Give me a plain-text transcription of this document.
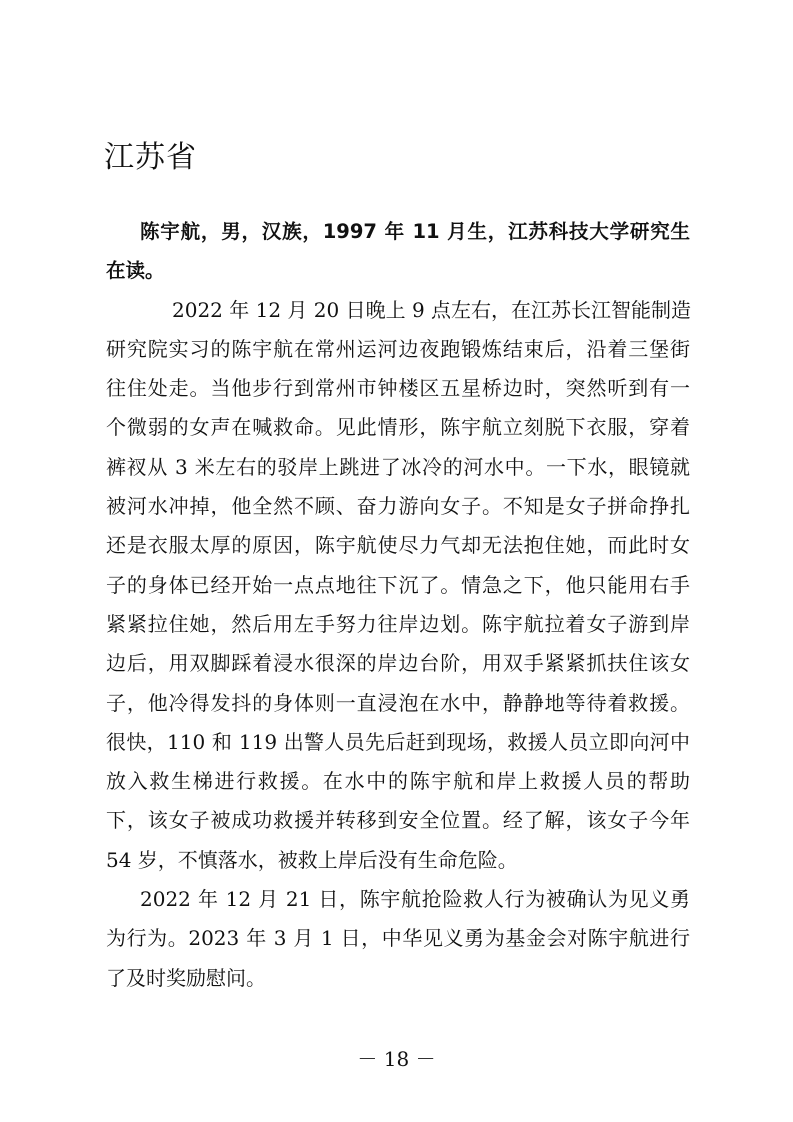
江苏省
陈宇航，男，汉族，1997 年 11 月生，江苏科技大学研究生
在读。
2022 年 12 月 20 日晚上 9 点左右，在江苏长江智能制造
研究院实习的陈宇航在常州运河边夜跑锻炼结束后，沿着三堡街
往住处走。当他步行到常州市钟楼区五星桥边时，突然听到有一
个微弱的女声在喊救命。见此情形，陈宇航立刻脱下衣服，穿着
裤衩从 3 米左右的驳岸上跳进了冰冷的河水中。一下水，眼镜就
被河水冲掉，他全然不顾、奋力游向女子。不知是女子拼命挣扎
还是衣服太厚的原因，陈宇航使尽力气却无法抱住她，而此时女
子的身体已经开始一点点地往下沉了。情急之下，他只能用右手
紧紧拉住她，然后用左手努力往岸边划。陈宇航拉着女子游到岸
边后，用双脚踩着浸水很深的岸边台阶，用双手紧紧抓扶住该女
子，他冷得发抖的身体则一直浸泡在水中，静静地等待着救援。
很快，110 和 119 出警人员先后赶到现场，救援人员立即向河中
放入救生梯进行救援。在水中的陈宇航和岸上救援人员的帮助
下，该女子被成功救援并转移到安全位置。经了解，该女子今年
54 岁，不慎落水，被救上岸后没有生命危险。
2022 年 12 月 21 日，陈宇航抢险救人行为被确认为见义勇
为行为。2023 年 3 月 1 日，中华见义勇为基金会对陈宇航进行
了及时奖励慰问。
－ 18 －
